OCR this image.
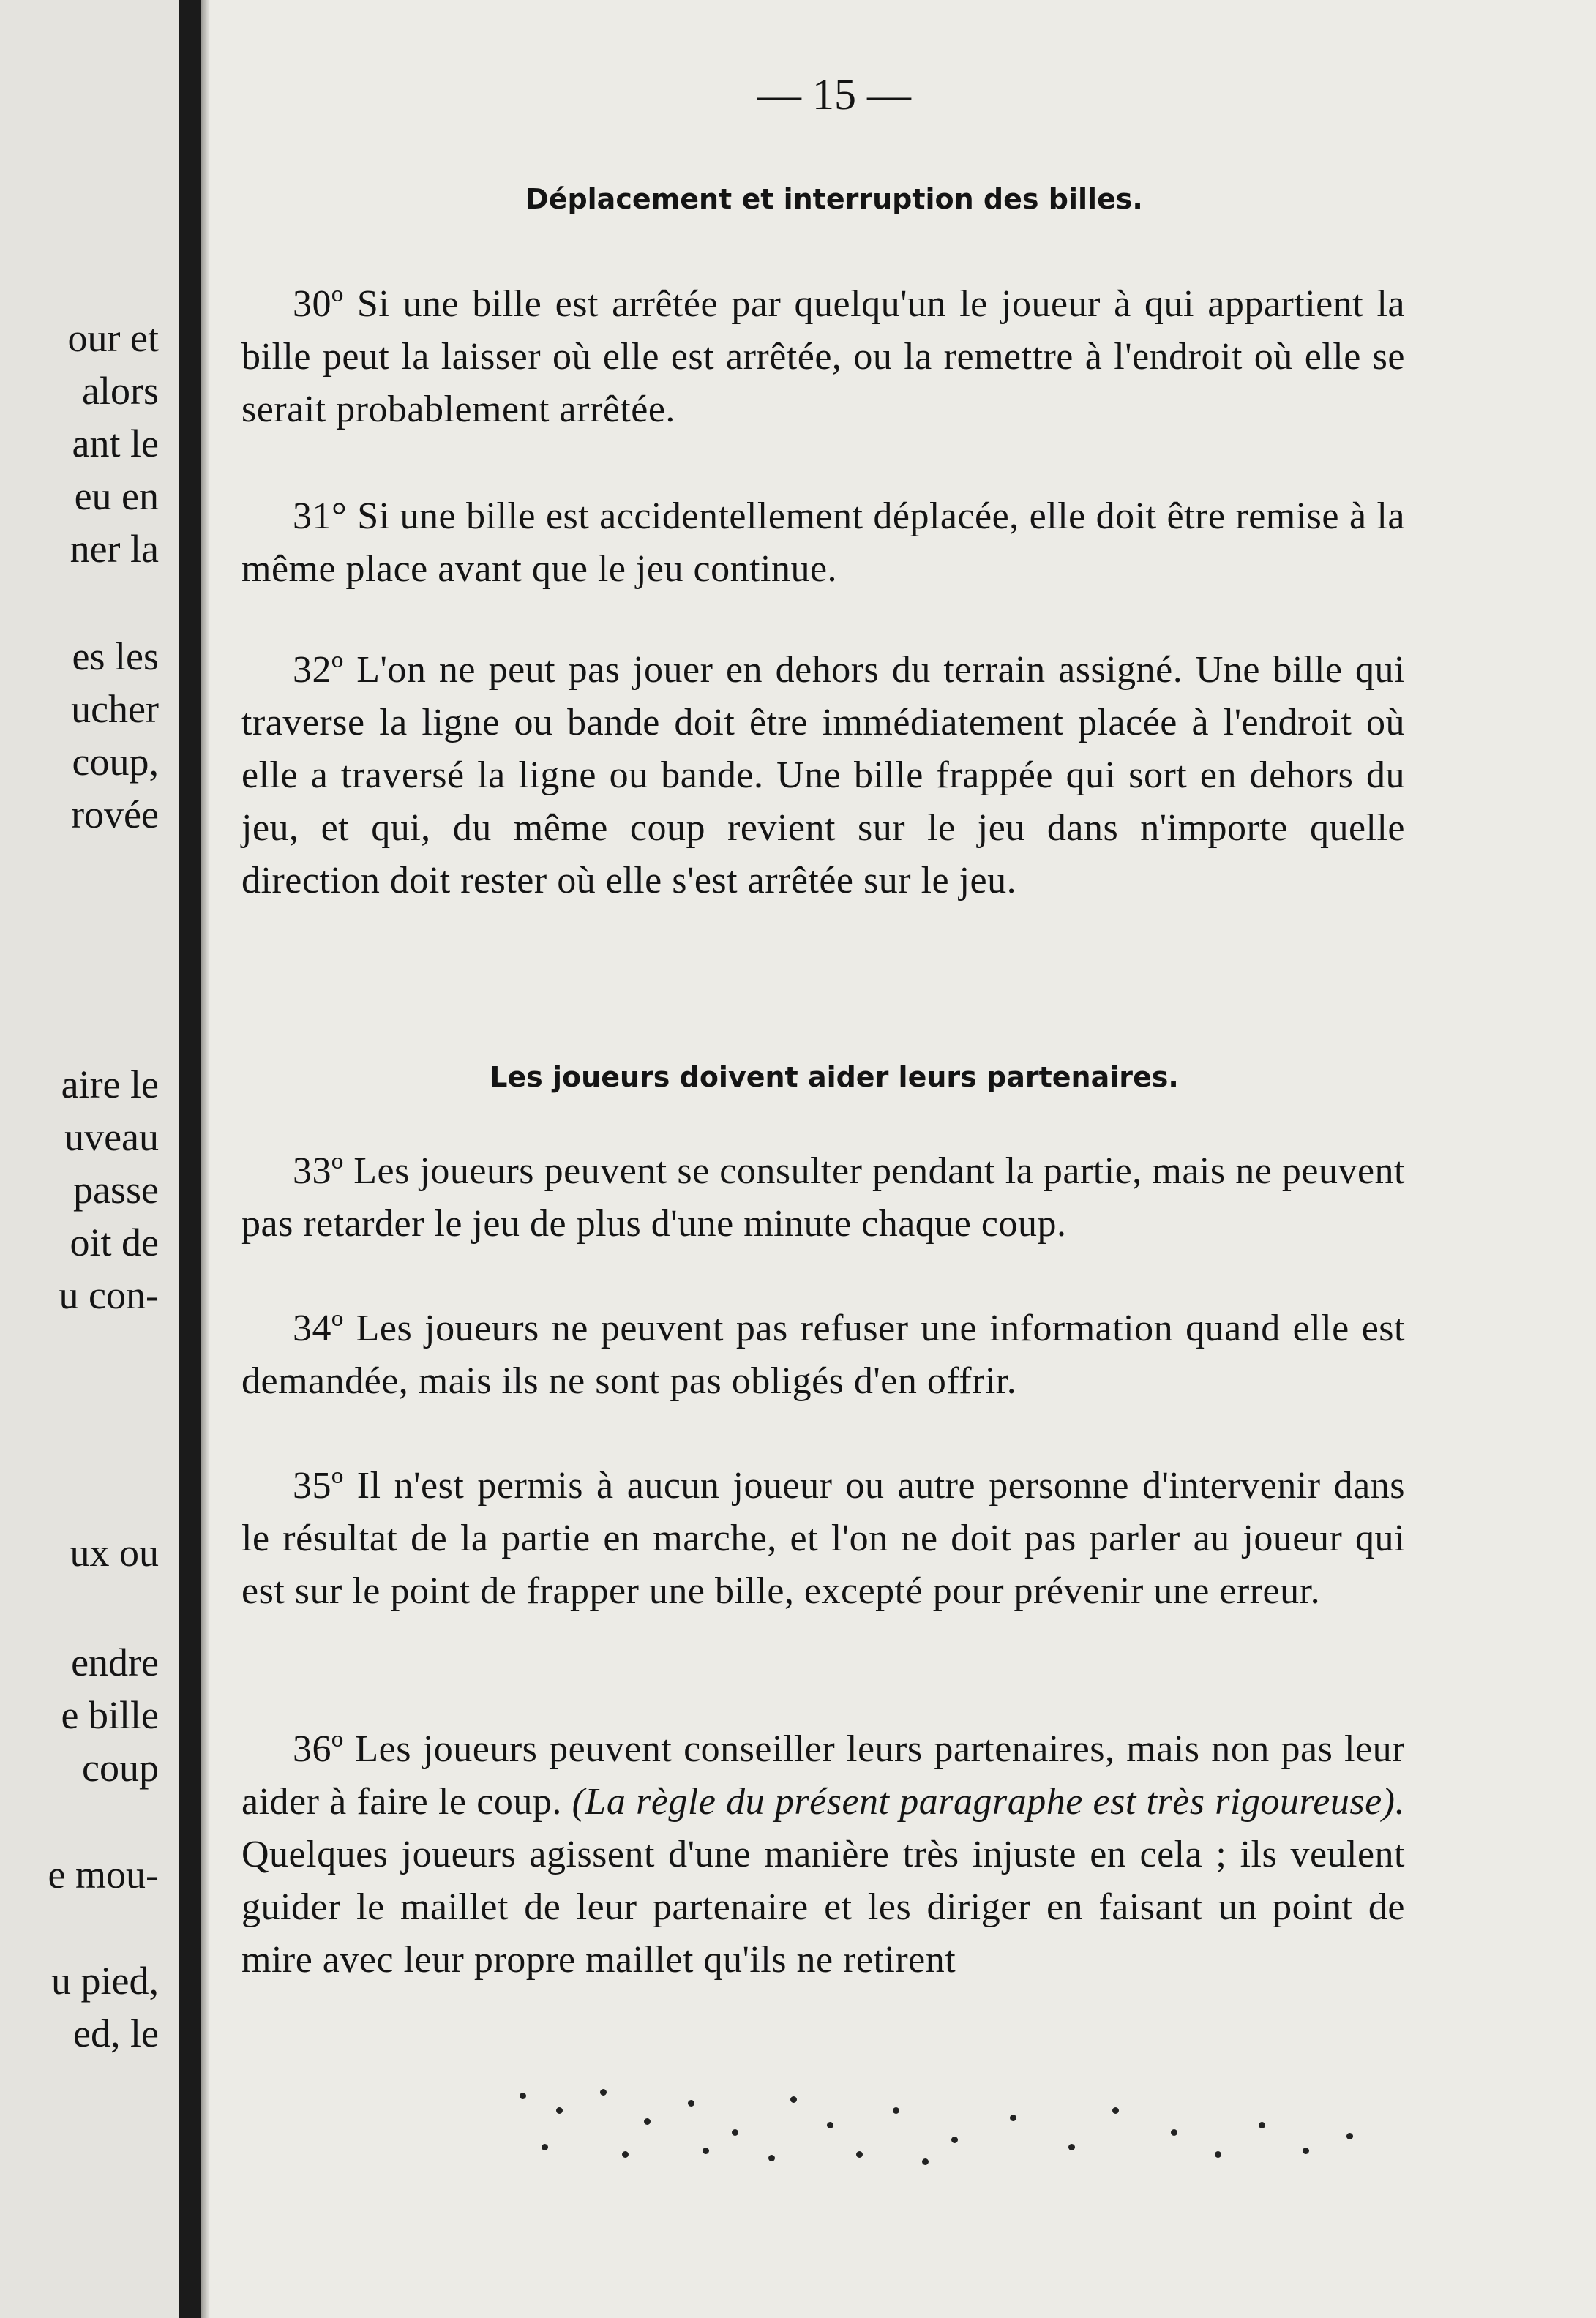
our et

alors

ant le

eu en

ner la

es les

ucher

coup,

rovée

aire le

uveau

passe

oit de

u con-

ux ou

endre

e bille

coup

e mou-

u pied,

ed, le

— 15 —

Déplacement et interruption des billes.

30º Si une bille est arrêtée par quelqu'un le joueur à qui appartient la bille peut la laisser où elle est arrêtée, ou la remettre à l'endroit où elle se serait probablement arrêtée.

31° Si une bille est accidentellement déplacée, elle doit être remise à la même place avant que le jeu continue.

32º L'on ne peut pas jouer en dehors du terrain assigné. Une bille qui traverse la ligne ou bande doit être immédiatement placée à l'endroit où elle a traversé la ligne ou bande. Une bille frappée qui sort en dehors du jeu, et qui, du même coup revient sur le jeu dans n'importe quelle direction doit rester où elle s'est arrêtée sur le jeu.

Les joueurs doivent aider leurs partenaires.

33º Les joueurs peuvent se consulter pendant la partie, mais ne peuvent pas retarder le jeu de plus d'une minute chaque coup.

34º Les joueurs ne peuvent pas refuser une information quand elle est demandée, mais ils ne sont pas obligés d'en offrir.

35º Il n'est permis à aucun joueur ou autre personne d'intervenir dans le résultat de la partie en marche, et l'on ne doit pas parler au joueur qui est sur le point de frapper une bille, excepté pour prévenir une erreur.

36º Les joueurs peuvent conseiller leurs partenaires, mais non pas leur aider à faire le coup. (La règle du présent paragraphe est très rigoureuse). Quelques joueurs agissent d'une manière très injuste en cela ; ils veulent guider le maillet de leur partenaire et les diriger en faisant un point de mire avec leur propre maillet qu'ils ne retirent
